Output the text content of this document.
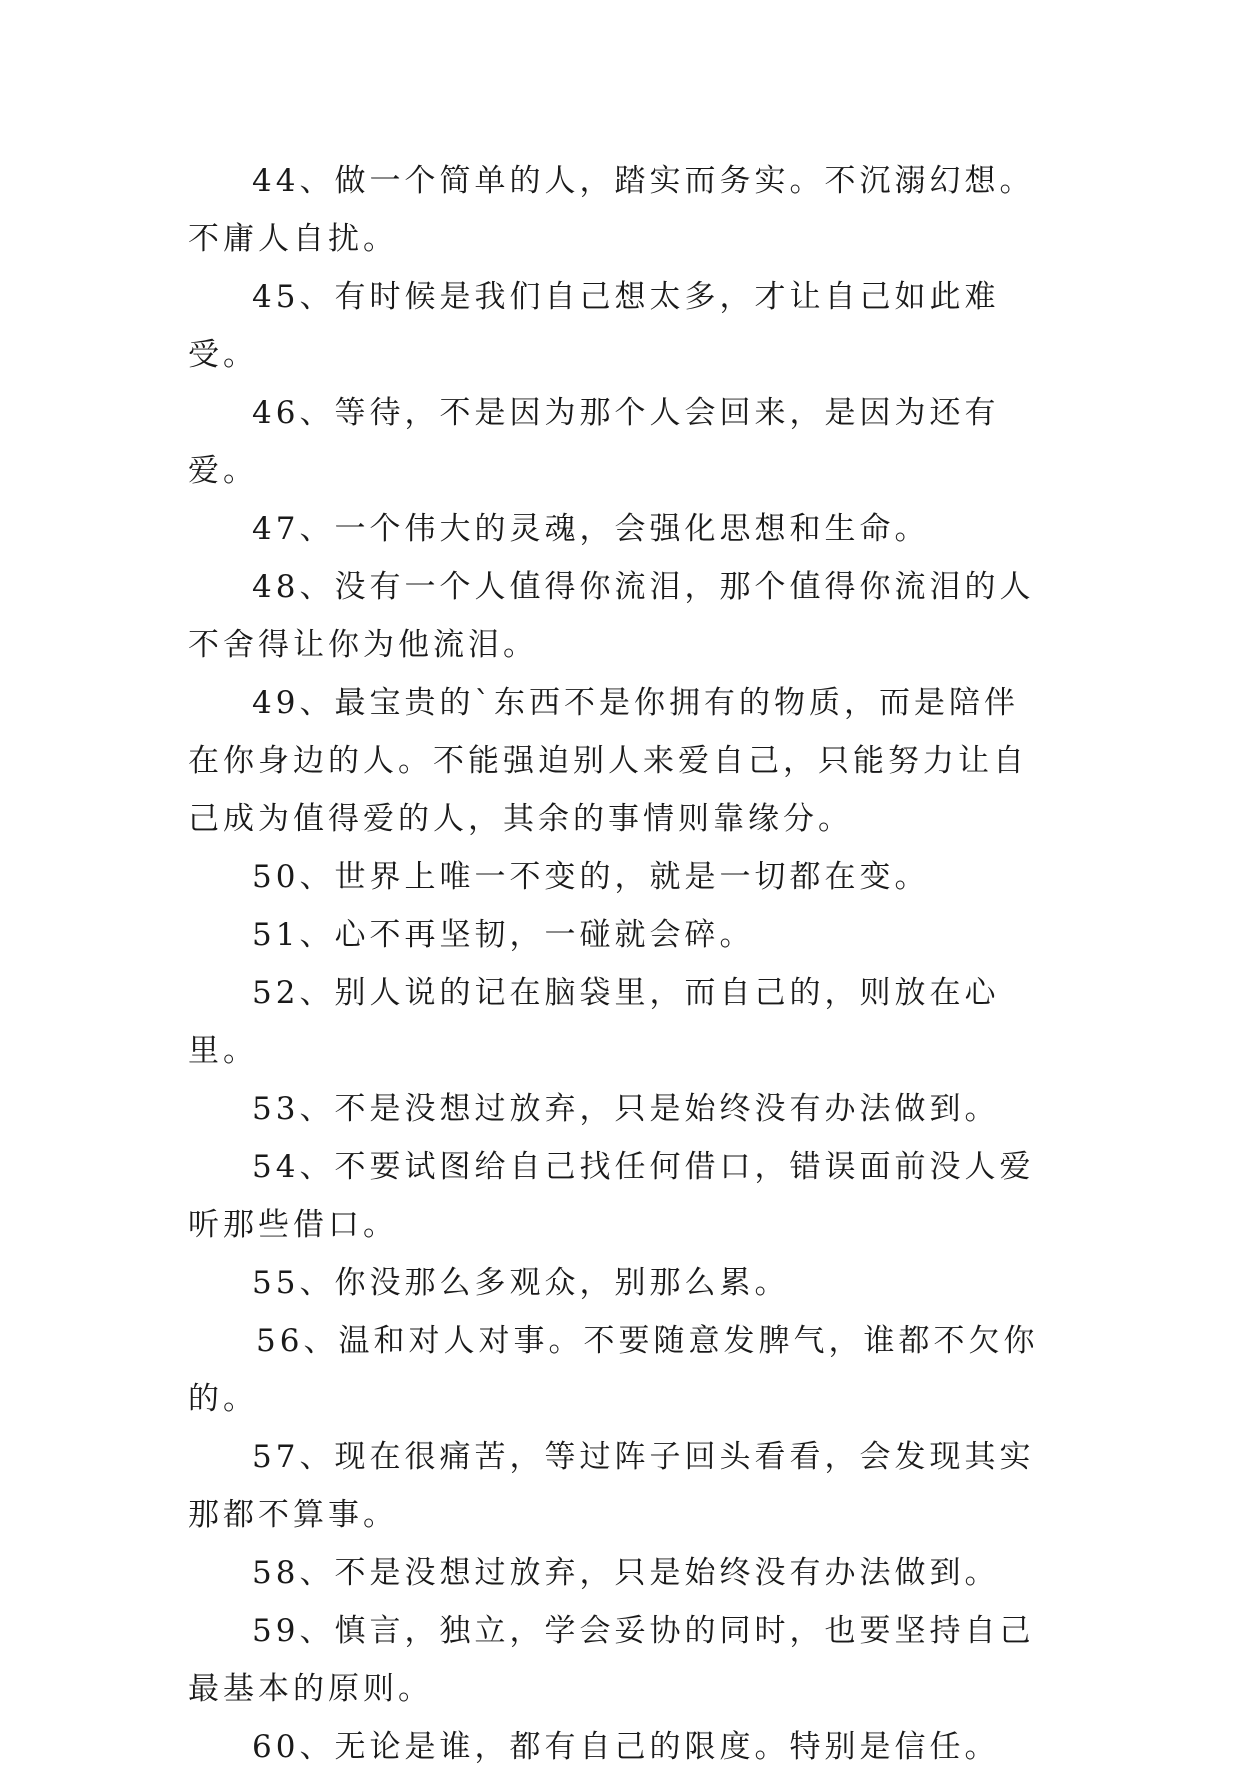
44、做一个简单的人，踏实而务实。不沉溺幻想。不庸人自扰。

45、有时候是我们自己想太多，才让自己如此难受。

46、等待，不是因为那个人会回来，是因为还有爱。

47、一个伟大的灵魂，会强化思想和生命。

48、没有一个人值得你流泪，那个值得你流泪的人不舍得让你为他流泪。

49、最宝贵的`东西不是你拥有的物质，而是陪伴在你身边的人。不能强迫别人来爱自己，只能努力让自己成为值得爱的人，其余的事情则靠缘分。

50、世界上唯一不变的，就是一切都在变。

51、心不再坚韧，一碰就会碎。

52、别人说的记在脑袋里，而自己的，则放在心里。

53、不是没想过放弃，只是始终没有办法做到。

54、不要试图给自己找任何借口，错误面前没人爱听那些借口。

55、你没那么多观众，别那么累。

56、温和对人对事。不要随意发脾气，谁都不欠你的。

57、现在很痛苦，等过阵子回头看看，会发现其实那都不算事。

58、不是没想过放弃，只是始终没有办法做到。

59、慎言，独立，学会妥协的同时，也要坚持自己最基本的原则。

60、无论是谁，都有自己的限度。特别是信任。
